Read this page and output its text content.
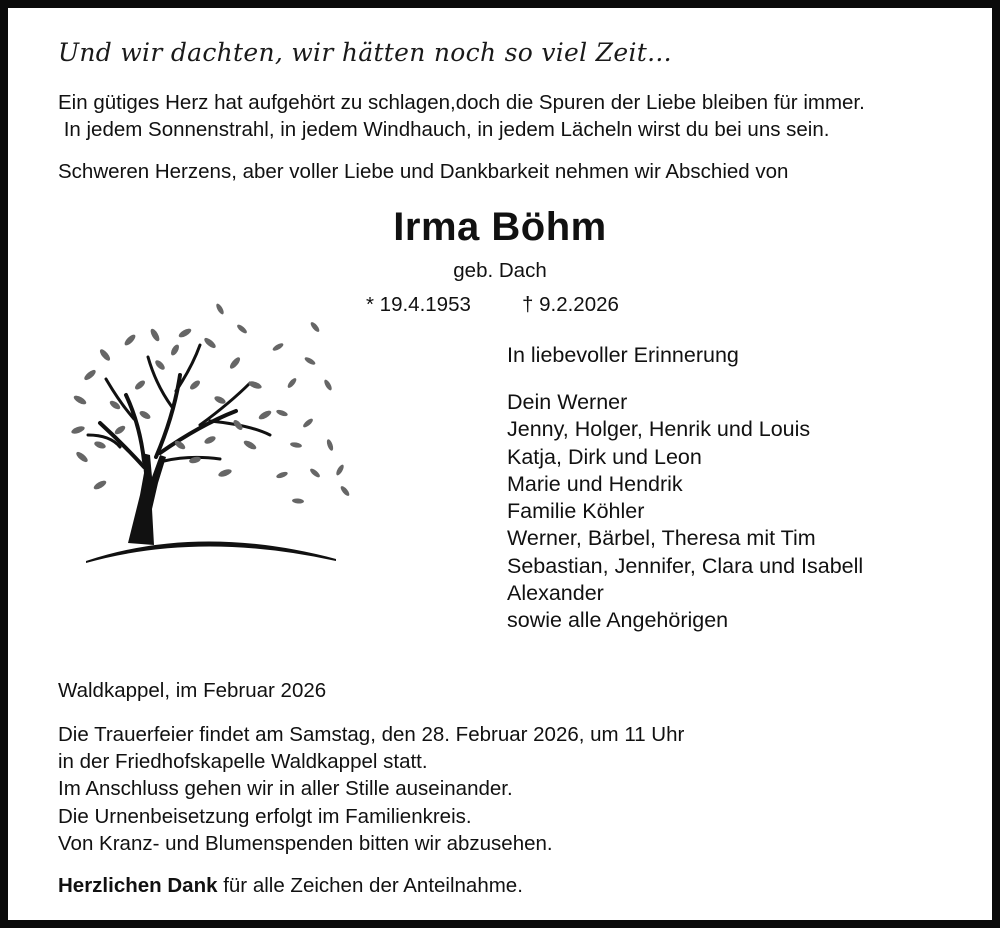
Und wir dachten, wir hätten noch so viel Zeit...
Ein gütiges Herz hat aufgehört zu schlagen,doch die Spuren der Liebe bleiben für immer.
In jedem Sonnenstrahl, in jedem Windhauch, in jedem Lächeln wirst du bei uns sein.
Schweren Herzens, aber voller Liebe und Dankbarkeit nehmen wir Abschied von
Irma Böhm
geb. Dach
* 19.4.1953 † 9.2.2026
In liebevoller Erinnerung
Dein Werner
Jenny, Holger, Henrik und Louis
Katja, Dirk und Leon
Marie und Hendrik
Familie Köhler
Werner, Bärbel, Theresa mit Tim
Sebastian, Jennifer, Clara und Isabell
Alexander
sowie alle Angehörigen
Waldkappel, im Februar 2026
Die Trauerfeier findet am Samstag, den 28. Februar 2026, um 11 Uhr
in der Friedhofskapelle Waldkappel statt.
Im Anschluss gehen wir in aller Stille auseinander.
Die Urnenbeisetzung erfolgt im Familienkreis.
Von Kranz- und Blumenspenden bitten wir abzusehen.
Herzlichen Dank für alle Zeichen der Anteilnahme.
